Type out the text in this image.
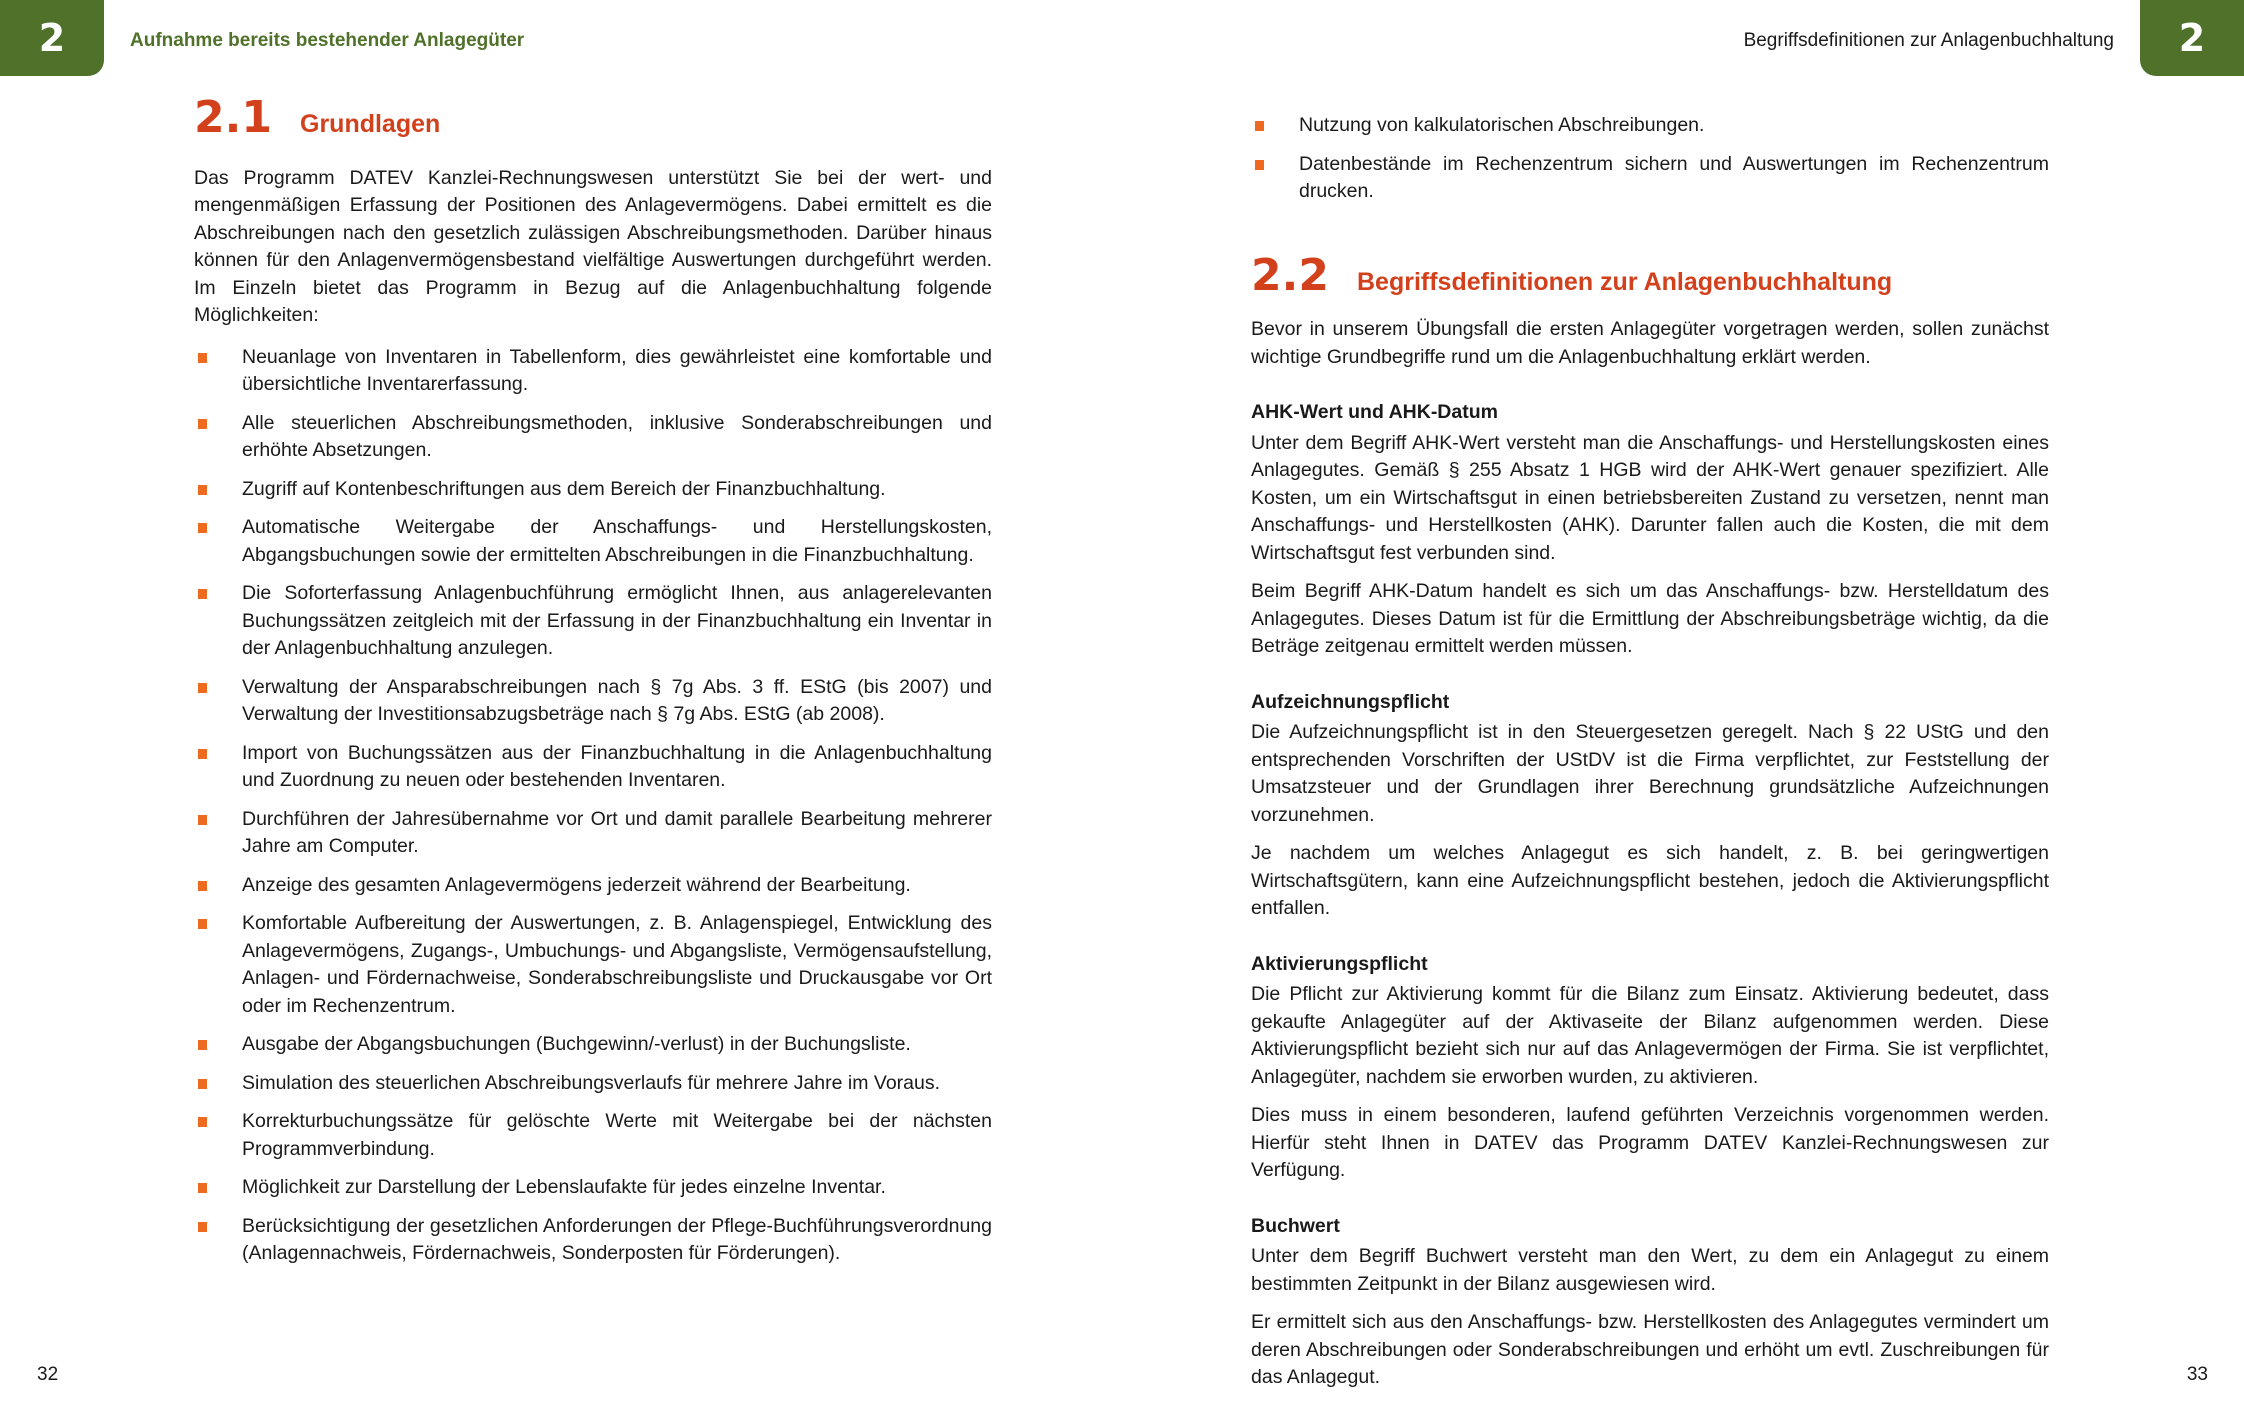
2	Aufnahme bereits bestehender Anlagegüter	Begriffsdefinitionen zur Anlagenbuchhaltung	2
2.1	Grundlagen

Das Programm DATEV Kanzlei-Rechnungswesen unterstützt Sie bei der wert- und mengenmäßigen Erfassung der Positionen des Anlagevermögens. Dabei ermittelt es die Abschreibungen nach den gesetzlich zulässigen Abschreibungsmethoden. Darüber hinaus können für den Anlagenvermögensbestand vielfältige Auswertungen durchgeführt werden. Im Einzeln bietet das Programm in Bezug auf die Anlagenbuchhaltung folgende Möglichkeiten:

Neuanlage von Inventaren in Tabellenform, dies gewährleistet eine komfortable und übersichtliche Inventarerfassung.
Alle steuerlichen Abschreibungsmethoden, inklusive Sonderabschreibungen und erhöhte Absetzungen.
Zugriff auf Kontenbeschriftungen aus dem Bereich der Finanzbuchhaltung.
Automatische Weitergabe der Anschaffungs- und Herstellungskosten, Abgangsbuchungen sowie der ermittelten Abschreibungen in die Finanzbuchhaltung.
Die Soforterfassung Anlagenbuchführung ermöglicht Ihnen, aus anlagerelevanten Buchungssätzen zeitgleich mit der Erfassung in der Finanzbuchhaltung ein Inventar in der Anlagenbuchhaltung anzulegen.
Verwaltung der Ansparabschreibungen nach § 7g Abs. 3 ff. EStG (bis 2007) und Verwaltung der Investitionsabzugsbeträge nach § 7g Abs. EStG (ab 2008).
Import von Buchungssätzen aus der Finanzbuchhaltung in die Anlagenbuchhaltung und Zuordnung zu neuen oder bestehenden Inventaren.
Durchführen der Jahresübernahme vor Ort und damit parallele Bearbeitung mehrerer Jahre am Computer.
Anzeige des gesamten Anlagevermögens jederzeit während der Bearbeitung.
Komfortable Aufbereitung der Auswertungen, z. B. Anlagenspiegel, Entwicklung des Anlagevermögens, Zugangs-, Umbuchungs- und Abgangsliste, Vermögensaufstellung, Anlagen- und Fördernachweise, Sonderabschreibungsliste und Druckausgabe vor Ort oder im Rechenzentrum.
Ausgabe der Abgangsbuchungen (Buchgewinn/-verlust) in der Buchungsliste.
Simulation des steuerlichen Abschreibungsverlaufs für mehrere Jahre im Voraus.
Korrekturbuchungssätze für gelöschte Werte mit Weitergabe bei der nächsten Programmverbindung.
Möglichkeit zur Darstellung der Lebenslaufakte für jedes einzelne Inventar.
Berücksichtigung der gesetzlichen Anforderungen der Pflege-Buchführungsverordnung (Anlagennachweis, Fördernachweis, Sonderposten für Förderungen).
Nutzung von kalkulatorischen Abschreibungen.
Datenbestände im Rechenzentrum sichern und Auswertungen im Rechenzentrum drucken.
2.2	Begriffsdefinitionen zur Anlagenbuchhaltung

Bevor in unserem Übungsfall die ersten Anlagegüter vorgetragen werden, sollen zunächst wichtige Grundbegriffe rund um die Anlagenbuchhaltung erklärt werden.

AHK-Wert und AHK-Datum

Unter dem Begriff AHK-Wert versteht man die Anschaffungs- und Herstellungskosten eines Anlagegutes. Gemäß § 255 Absatz 1 HGB wird der AHK-Wert genauer spezifiziert. Alle Kosten, um ein Wirtschaftsgut in einen betriebsbereiten Zustand zu versetzen, nennt man Anschaffungs- und Herstellkosten (AHK). Darunter fallen auch die Kosten, die mit dem Wirtschaftsgut fest verbunden sind.

Beim Begriff AHK-Datum handelt es sich um das Anschaffungs- bzw. Herstelldatum des Anlagegutes. Dieses Datum ist für die Ermittlung der Abschreibungsbeträge wichtig, da die Beträge zeitgenau ermittelt werden müssen.

Aufzeichnungspflicht

Die Aufzeichnungspflicht ist in den Steuergesetzen geregelt. Nach § 22 UStG und den entsprechenden Vorschriften der UStDV ist die Firma verpflichtet, zur Feststellung der Umsatzsteuer und der Grundlagen ihrer Berechnung grundsätzliche Aufzeichnungen vorzunehmen.

Je nachdem um welches Anlagegut es sich handelt, z. B. bei geringwertigen Wirtschaftsgütern, kann eine Aufzeichnungspflicht bestehen, jedoch die Aktivierungspflicht entfallen.

Aktivierungspflicht

Die Pflicht zur Aktivierung kommt für die Bilanz zum Einsatz. Aktivierung bedeutet, dass gekaufte Anlagegüter auf der Aktivaseite der Bilanz aufgenommen werden. Diese Aktivierungspflicht bezieht sich nur auf das Anlagevermögen der Firma. Sie ist verpflichtet, Anlagegüter, nachdem sie erworben wurden, zu aktivieren.

Dies muss in einem besonderen, laufend geführten Verzeichnis vorgenommen werden. Hierfür steht Ihnen in DATEV das Programm DATEV Kanzlei-Rechnungswesen zur Verfügung.

Buchwert

Unter dem Begriff Buchwert versteht man den Wert, zu dem ein Anlagegut zu einem bestimmten Zeitpunkt in der Bilanz ausgewiesen wird.

Er ermittelt sich aus den Anschaffungs- bzw. Herstellkosten des Anlagegutes vermindert um deren Abschreibungen oder Sonderabschreibungen und erhöht um evtl. Zuschreibungen für das Anlagegut.

32	33
